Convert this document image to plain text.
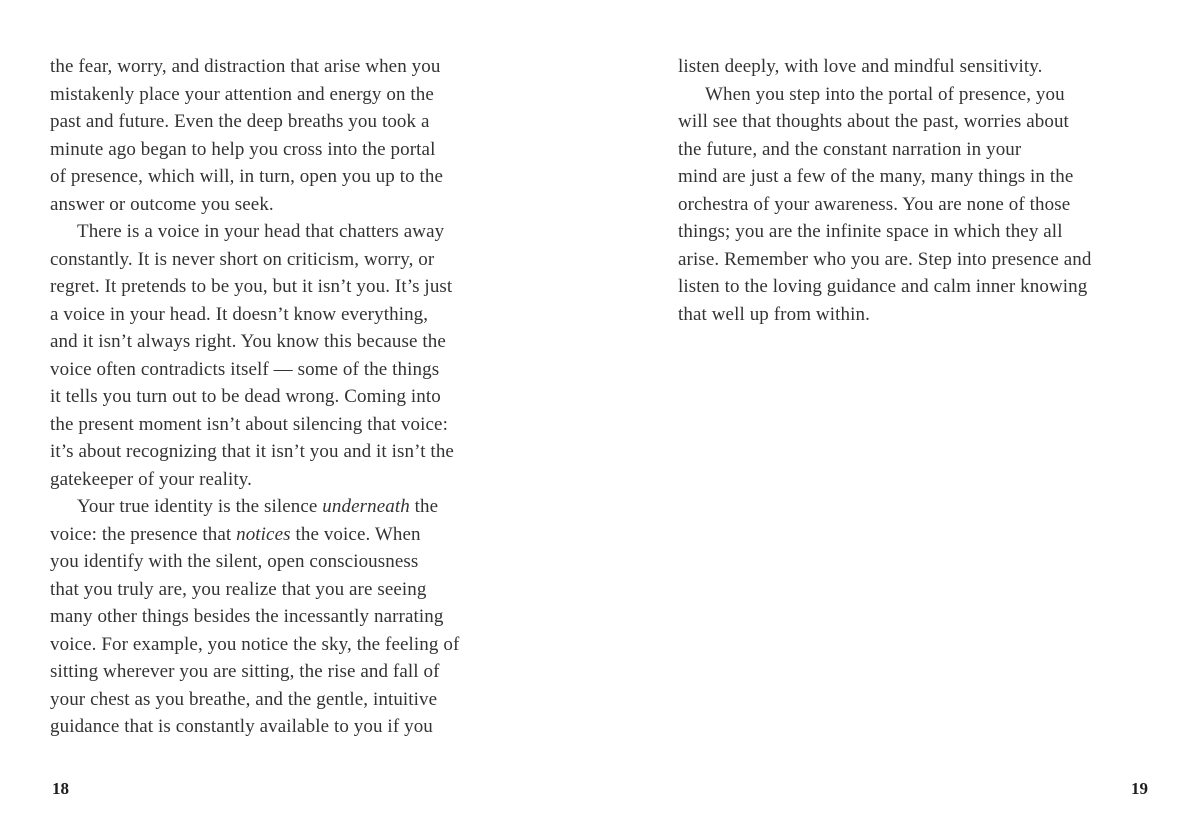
the fear, worry, and distraction that arise when you
mistakenly place your attention and energy on the
past and future. Even the deep breaths you took a
minute ago began to help you cross into the portal
of presence, which will, in turn, open you up to the
answer or outcome you seek.
There is a voice in your head that chatters away
constantly. It is never short on criticism, worry, or
regret. It pretends to be you, but it isn’t you. It’s just
a voice in your head. It doesn’t know everything,
and it isn’t always right. You know this because the
voice often contradicts itself — some of the things
it tells you turn out to be dead wrong. Coming into
the present moment isn’t about silencing that voice:
it’s about recognizing that it isn’t you and it isn’t the
gatekeeper of your reality.
Your true identity is the silence underneath the
voice: the presence that notices the voice. When
you identify with the silent, open consciousness
that you truly are, you realize that you are seeing
many other things besides the incessantly narrating
voice. For example, you notice the sky, the feeling of
sitting wherever you are sitting, the rise and fall of
your chest as you breathe, and the gentle, intuitive
guidance that is constantly available to you if you
18
listen deeply, with love and mindful sensitivity.
When you step into the portal of presence, you
will see that thoughts about the past, worries about
the future, and the constant narration in your
mind are just a few of the many, many things in the
orchestra of your awareness. You are none of those
things; you are the infinite space in which they all
arise. Remember who you are. Step into presence and
listen to the loving guidance and calm inner knowing
that well up from within.
19
